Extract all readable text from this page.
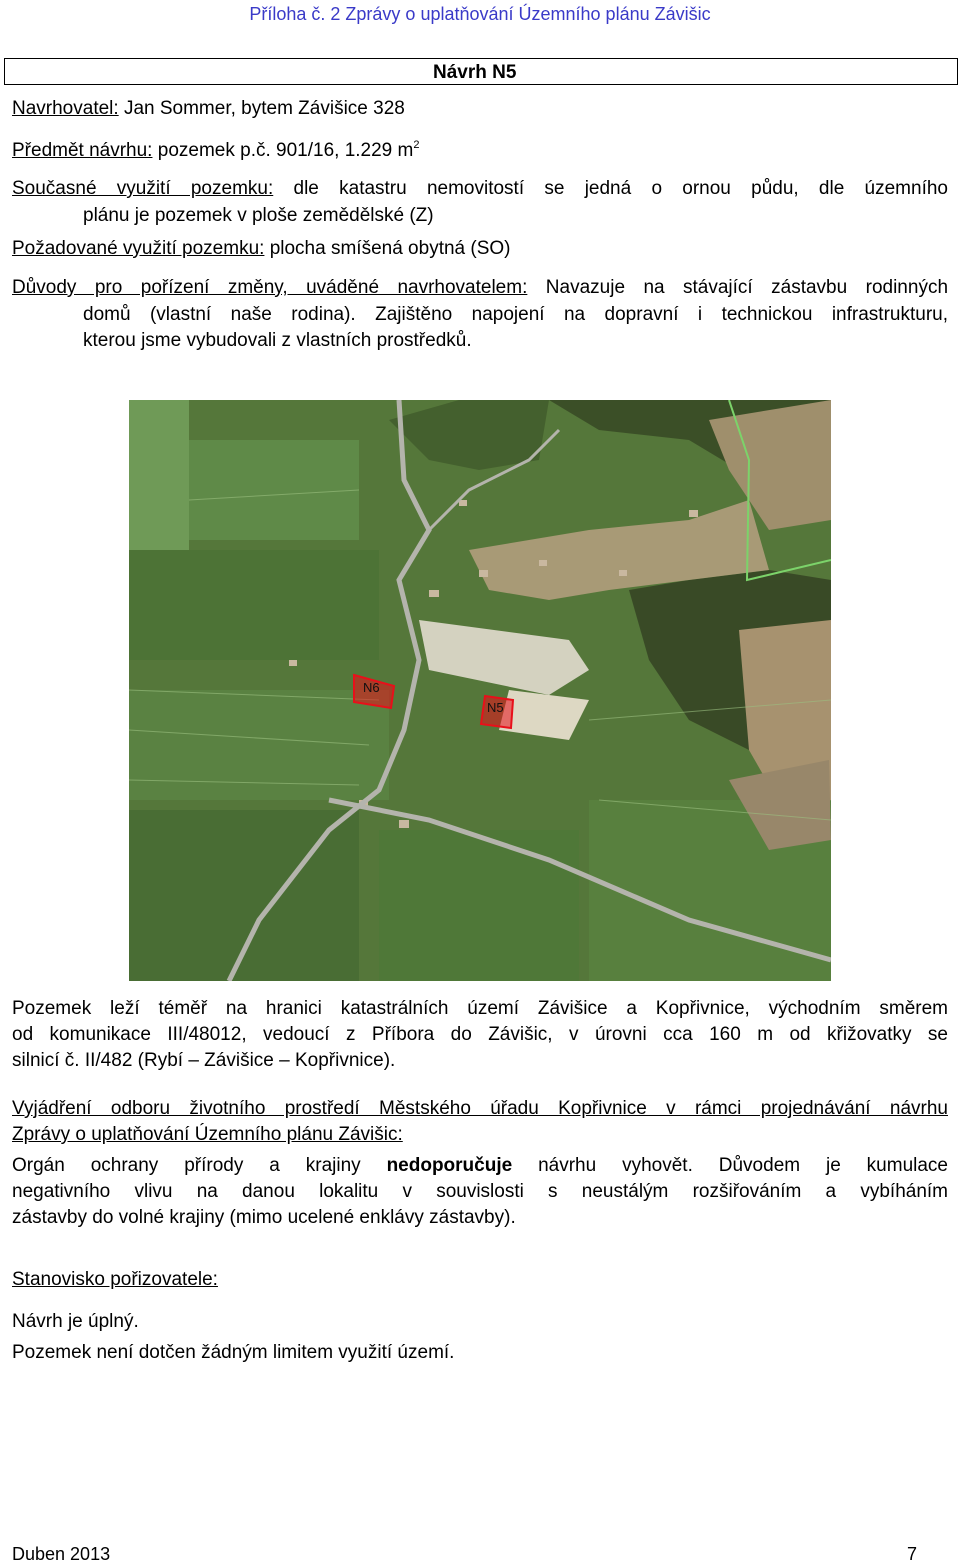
Příloha č. 2 Zprávy o uplatňování Územního plánu Závišic
Návrh N5
Navrhovatel: Jan Sommer, bytem Závišice 328
Předmět návrhu: pozemek p.č. 901/16, 1.229 $m^2$
Současné využití pozemku: dle katastru nemovitostí se jedná o ornou půdu, dle územního
plánu je pozemek v ploše zemědělské (Z)
Požadované využití pozemku: plocha smíšená obytná (SO)
Důvody pro pořízení změny, uváděné navrhovatelem: Navazuje na stávající zástavbu rodinných
domů (vlastní naše rodina). Zajištěno napojení na dopravní i technickou infrastrukturu,
kterou jsme vybudovali z vlastních prostředků.
N6
N5
Pozemek leží téměř na hranici katastrálních území Závišice a Kopřivnice, východním směrem
od komunikace III/48012, vedoucí z Příbora do Závišic, v úrovni cca 160 m od křižovatky se
silnicí č. II/482 (Rybí – Závišice – Kopřivnice).
Vyjádření odboru životního prostředí Městského úřadu Kopřivnice v rámci projednávání návrhu
Zprávy o uplatňování Územního plánu Závišic:
Orgán ochrany přírody a krajiny nedoporučuje návrhu vyhovět. Důvodem je kumulace
negativního vlivu na danou lokalitu v souvislosti s neustálým rozšiřováním a vybíháním
zástavby do volné krajiny (mimo ucelené enklávy zástavby).
Stanovisko pořizovatele:
Návrh je úplný.
Pozemek není dotčen žádným limitem využití území.
Duben 2013	7
